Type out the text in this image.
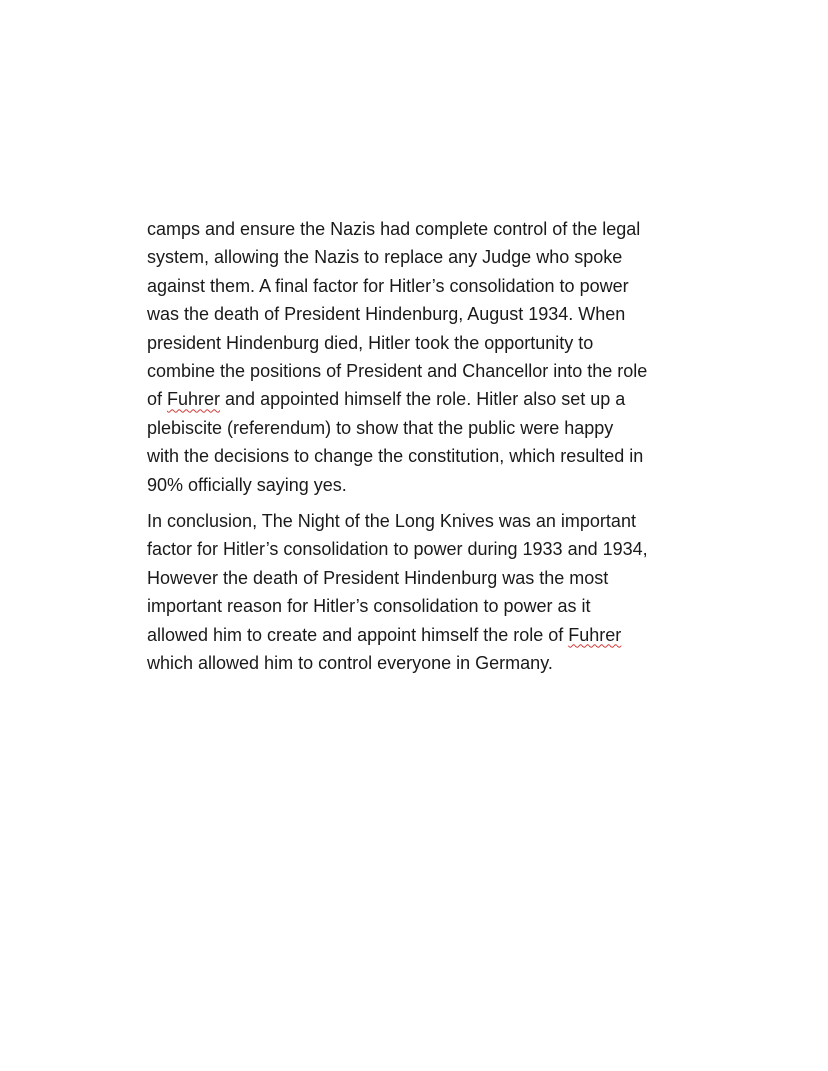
camps and ensure the Nazis had complete control of the legal
system, allowing the Nazis to replace any Judge who spoke
against them. A final factor for Hitler’s consolidation to power
was the death of President Hindenburg, August 1934. When
president Hindenburg died, Hitler took the opportunity to
combine the positions of President and Chancellor into the role
of Fuhrer and appointed himself the role. Hitler also set up a
plebiscite (referendum) to show that the public were happy
with the decisions to change the constitution, which resulted in
90% officially saying yes.
In conclusion, The Night of the Long Knives was an important
factor for Hitler’s consolidation to power during 1933 and 1934,
However the death of President Hindenburg was the most
important reason for Hitler’s consolidation to power as it
allowed him to create and appoint himself the role of Fuhrer
which allowed him to control everyone in Germany.
